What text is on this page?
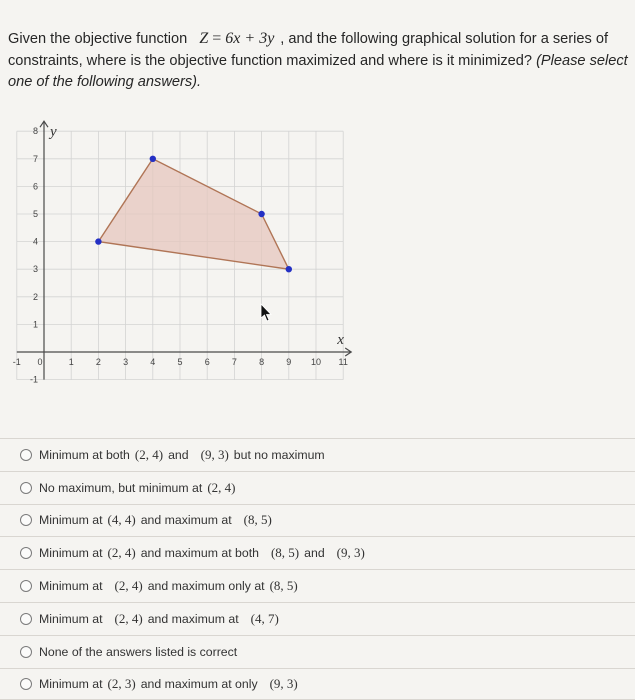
Given the objective function Z = 6x + 3y , and the following graphical solution for a series of constraints, where is the objective function maximized and where is it minimized? (Please select one of the following answers).
-1 0	1 2 3 4 5 6 7 8 9 10 11
-1
1
2
3
4
5
6
7
8
x
y
Minimum at both (2, 4) and (9, 3) but no maximum
No maximum, but minimum at (2, 4)
Minimum at (4, 4) and maximum at (8, 5)
Minimum at (2, 4) and maximum at both (8, 5) and (9, 3)
Minimum at (2, 4) and maximum only at (8, 5)
Minimum at (2, 4) and maximum at (4, 7)
None of the answers listed is correct
Minimum at (2, 3) and maximum at only (9, 3)
